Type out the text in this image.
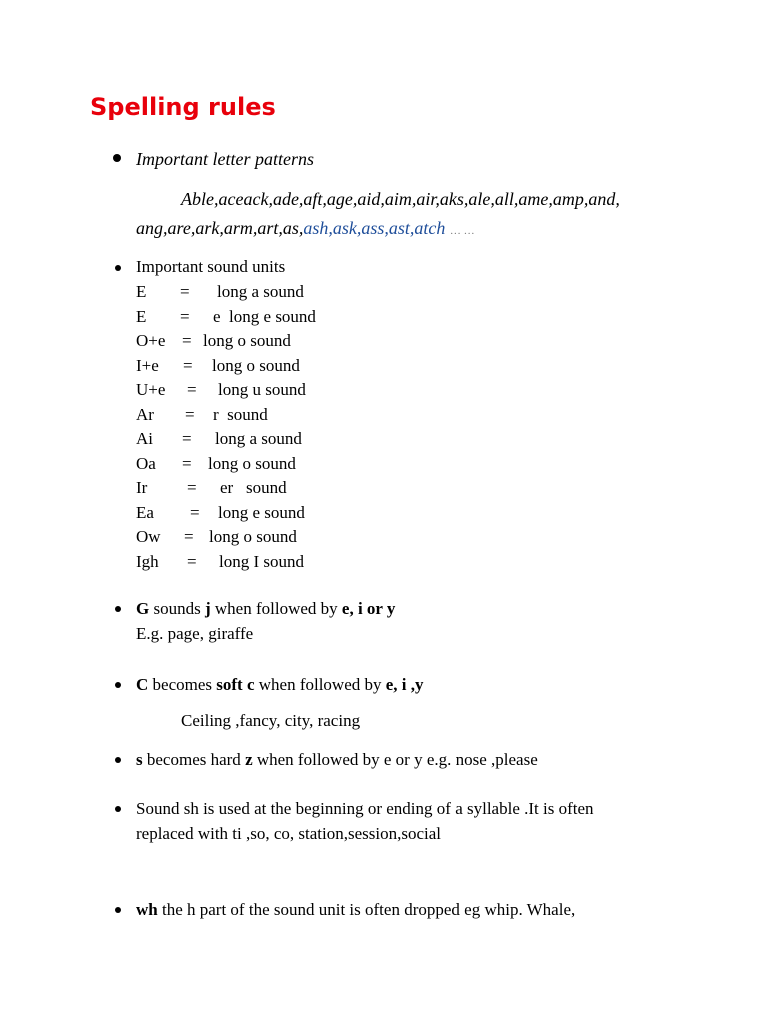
Spelling rules
Important letter patterns
Able,aceack,ade,aft,age,aid,aim,air,aks,ale,all,ame,amp,and,
ang,are,ark,arm,art,as,ash,ask,ass,ast,atch … …
Important sound units
E = long a sound
E = e  long e sound
O+e = long o sound
I+e = long o sound
U+e = long u sound
Ar = r  sound
Ai = long a sound
Oa = long o sound
Ir = er   sound
Ea = long e sound
Ow = long o sound
Igh = long I sound
G sounds j when followed by e, i or y
E.g. page, giraffe
C becomes soft c when followed by e, i ,y
Ceiling ,fancy, city, racing
s becomes hard z when followed by e or y e.g. nose ,please
Sound sh is used at the beginning or ending of a syllable .It is often
replaced with ti ,so, co, station,session,social
wh the h part of the sound unit is often dropped eg whip. Whale,
